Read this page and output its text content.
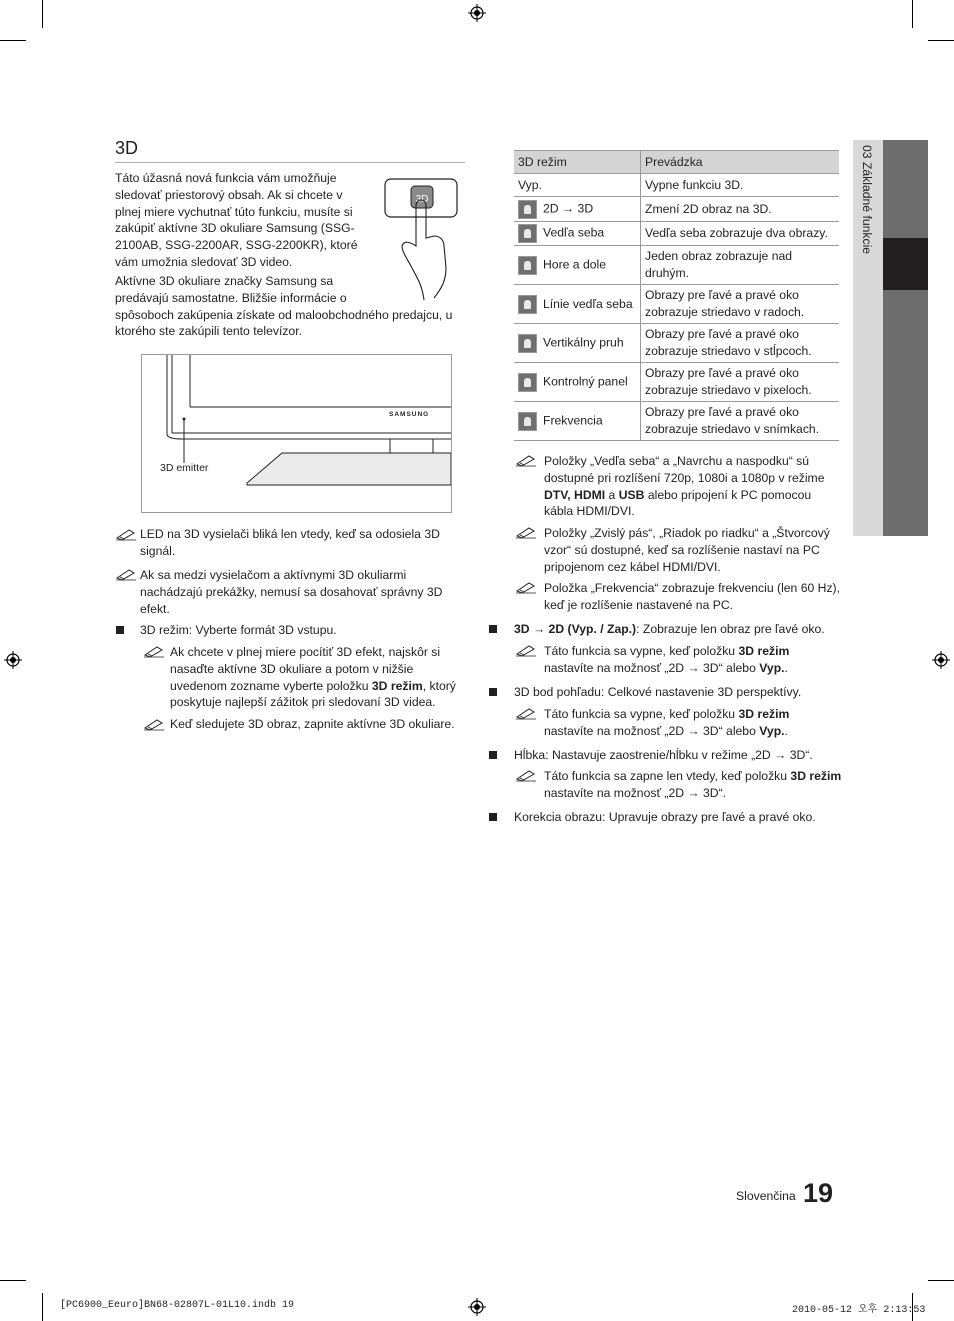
3D
Táto úžasná nová funkcia vám umožňuje sledovať priestorový obsah. Ak si chcete v plnej miere vychutnať túto funkciu, musíte si zakúpiť aktívne 3D okuliare Samsung (SSG-2100AB, SSG-2200AR, SSG-2200KR), ktoré vám umožnia sledovať 3D video.
Aktívne 3D okuliare značky Samsung sa predávajú samostatne. Bližšie informácie o spôsoboch zakúpenia získate od maloobchodného predajcu, u ktorého ste zakúpili tento televízor.
3D
SAMSUNG
3D emitter
LED na 3D vysielači bliká len vtedy, keď sa odosiela 3D signál.
Ak sa medzi vysielačom a aktívnymi 3D okuliarmi nachádzajú prekážky, nemusí sa dosahovať správny 3D efekt.
3D režim: Vyberte formát 3D vstupu.
Ak chcete v plnej miere pocítiť 3D efekt, najskôr si nasaďte aktívne 3D okuliare a potom v nižšie uvedenom zozname vyberte položku 3D režim, ktorý poskytuje najlepší zážitok pri sledovaní 3D videa.
Keď sledujete 3D obraz, zapnite aktívne 3D okuliare.
3D režim	Prevádzka
Vyp.	Vypne funkciu 3D.
2D → 3D	Zmení 2D obraz na 3D.
Vedľa seba	Vedľa seba zobrazuje dva obrazy.
Hore a dole	Jeden obraz zobrazuje nad druhým.

Línie vedľa seba	Obrazy pre ľavé a pravé oko zobrazuje striedavo v radoch.
Vertikálny pruh	Obrazy pre ľavé a pravé oko zobrazuje striedavo v stĺpcoch.
Kontrolný panel	Obrazy pre ľavé a pravé oko zobrazuje striedavo v pixeloch.
Frekvencia	Obrazy pre ľavé a pravé oko zobrazuje striedavo v snímkach.
Položky „Vedľa seba“ a „Navrchu a naspodku“ sú dostupné pri rozlíšení 720p, 1080i a 1080p v režime DTV, HDMI a USB alebo pripojení k PC pomocou kábla HDMI/DVI.
Položky „Zvislý pás“, „Riadok po riadku“ a „Štvorcový vzor“ sú dostupné, keď sa rozlíšenie nastaví na PC pripojenom cez kábel HDMI/DVI.
Položka „Frekvencia“ zobrazuje frekvenciu (len 60 Hz), keď je rozlíšenie nastavené na PC.
3D → 2D (Vyp. / Zap.): Zobrazuje len obraz pre ľavé oko.
Táto funkcia sa vypne, keď položku 3D režim nastavíte na možnosť „2D → 3D“ alebo Vyp..
3D bod pohľadu: Celkové nastavenie 3D perspektívy.
Táto funkcia sa vypne, keď položku 3D režim nastavíte na možnosť „2D → 3D“ alebo Vyp..
Hĺbka: Nastavuje zaostrenie/hĺbku v režime „2D → 3D“.
Táto funkcia sa zapne len vtedy, keď položku 3D režim nastavíte na možnosť „2D → 3D“.
Korekcia obrazu: Upravuje obrazy pre ľavé a pravé oko.
03 Základné funkcie
Slovenčina 19
[PC6900_Eeuro]BN68-02807L-01L10.indb 19	2010-05-12 오후 2:13:53
